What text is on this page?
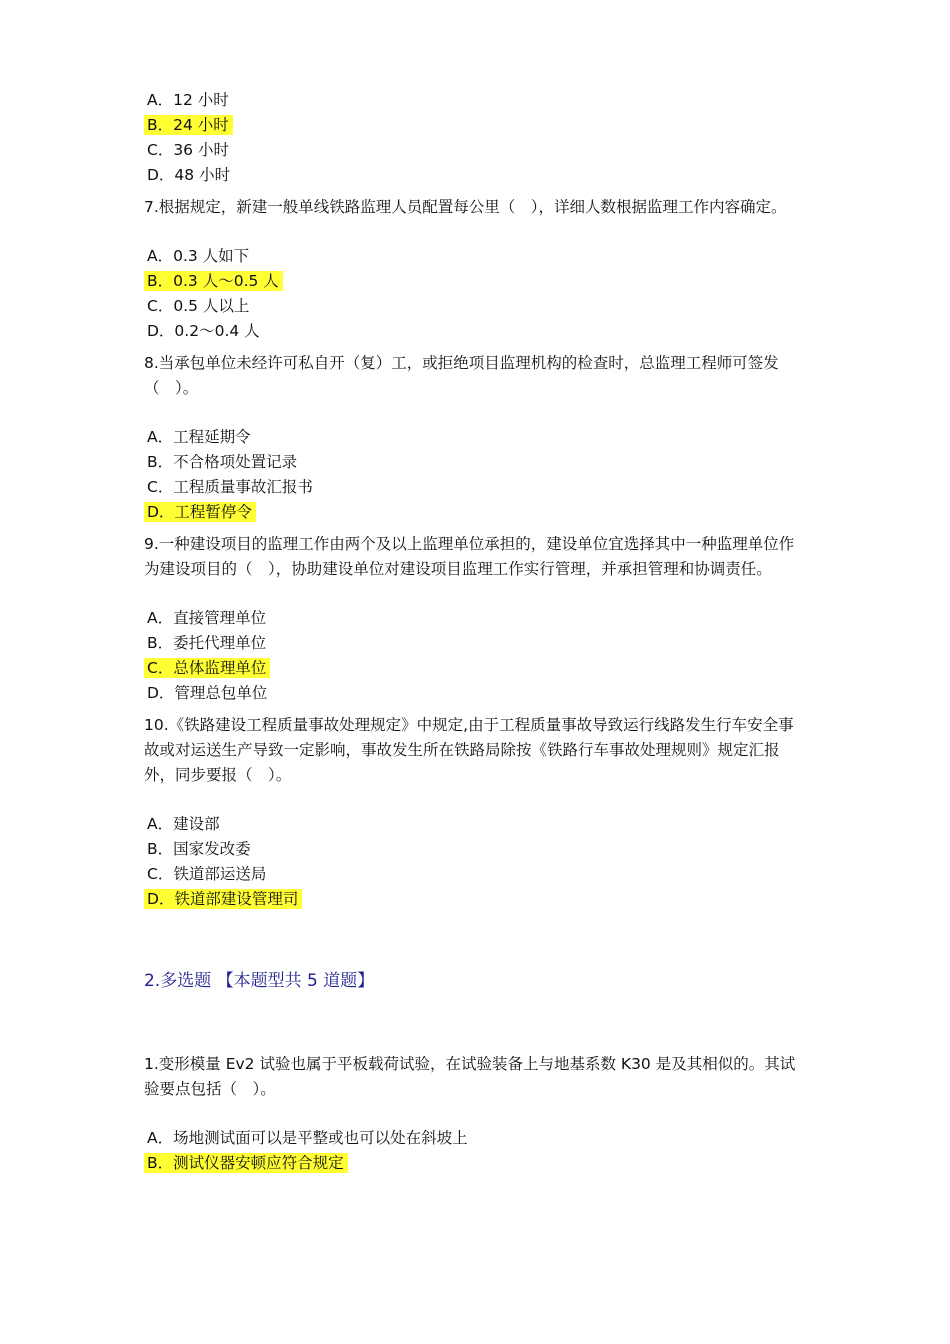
A．12 小时
B．24 小时
C．36 小时
D．48 小时
7.根据规定，新建一般单线铁路监理人员配置每公里（　），详细人数根据监理工作内容确定。
A．0.3 人如下
B．0.3 人～0.5 人
C．0.5 人以上
D．0.2～0.4 人
8.当承包单位未经许可私自开（复）工，或拒绝项目监理机构的检查时，总监理工程师可签发（　）。
A．工程延期令
B．不合格项处置记录
C．工程质量事故汇报书
D．工程暂停令
9.一种建设项目的监理工作由两个及以上监理单位承担的，建设单位宜选择其中一种监理单位作为建设项目的（　），协助建设单位对建设项目监理工作实行管理，并承担管理和协调责任。
A．直接管理单位
B．委托代理单位
C．总体监理单位
D．管理总包单位
10.《铁路建设工程质量事故处理规定》中规定,由于工程质量事故导致运行线路发生行车安全事故或对运送生产导致一定影响，事故发生所在铁路局除按《铁路行车事故处理规则》规定汇报外，同步要报（　）。
A．建设部
B．国家发改委
C．铁道部运送局
D．铁道部建设管理司
2.多选题 【本题型共 5 道题】
1.变形模量 Ev2 试验也属于平板载荷试验，在试验装备上与地基系数 K30 是及其相似的。其试验要点包括（　）。
A．场地测试面可以是平整或也可以处在斜坡上
B．测试仪器安顿应符合规定
